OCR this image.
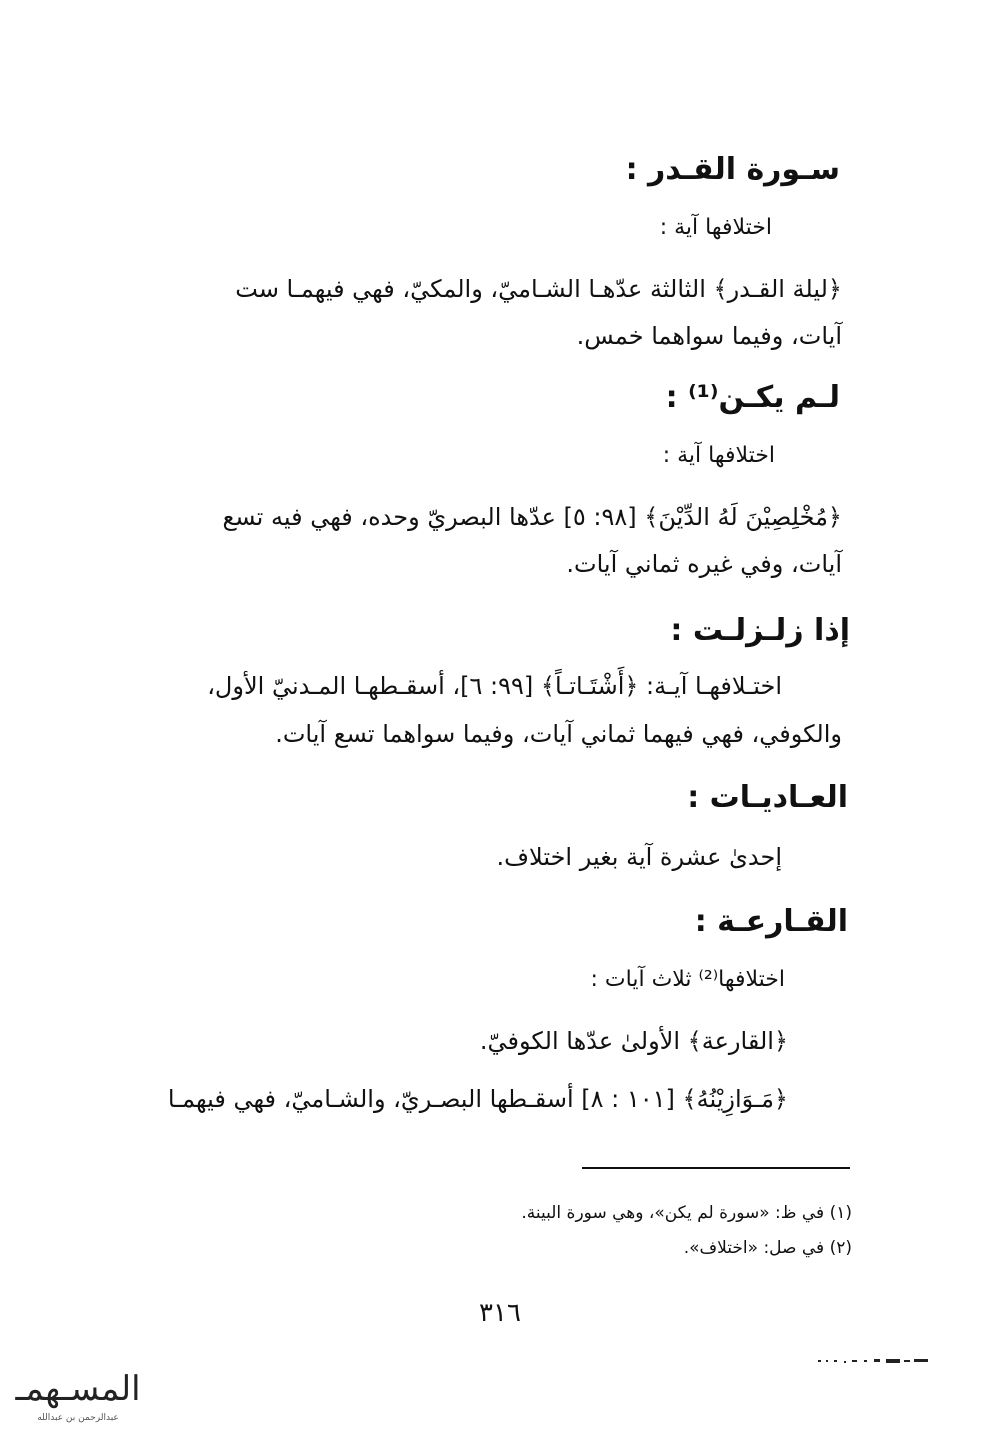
سـورة القـدر :
اختلافها آية :
﴿ليلة القـدر﴾ الثالثة عدّهـا الشـاميّ، والمكيّ، فهي فيهمـا ست
آيات، وفيما سواهما خمس.
لـم يكـن⁽¹⁾ :
اختلافها آية :
﴿مُخْلِصِيْنَ لَهُ الدِّيْنَ﴾ [٩٨: ٥] عدّها البصريّ وحده، فهي فيه تسع
آيات، وفي غيره ثماني آيات.
إذا زلـزلـت :
اختـلافهـا آيـة: ﴿أَشْتَـاتـاً﴾ [٩٩: ٦]، أسقـطهـا المـدنيّ الأول،
والكوفي، فهي فيهما ثماني آيات، وفيما سواهما تسع آيات.
العـاديـات :
إحدىٰ عشرة آية بغير اختلاف.
القـارعـة :
اختلافها⁽²⁾ ثلاث آيات :
﴿القارعة﴾ الأولىٰ عدّها الكوفيّ.
﴿مَـوَازِيْنُهُ﴾ [١٠١ : ٨] أسقـطها البصـريّ، والشـاميّ، فهي فيهمـا
(١) في ظ: «سورة لم يكن»، وهي سورة البينة.
(٢) في صل: «اختلاف».
٣١٦
المسـهمـ
عبدالرحمن بن عبدالله
